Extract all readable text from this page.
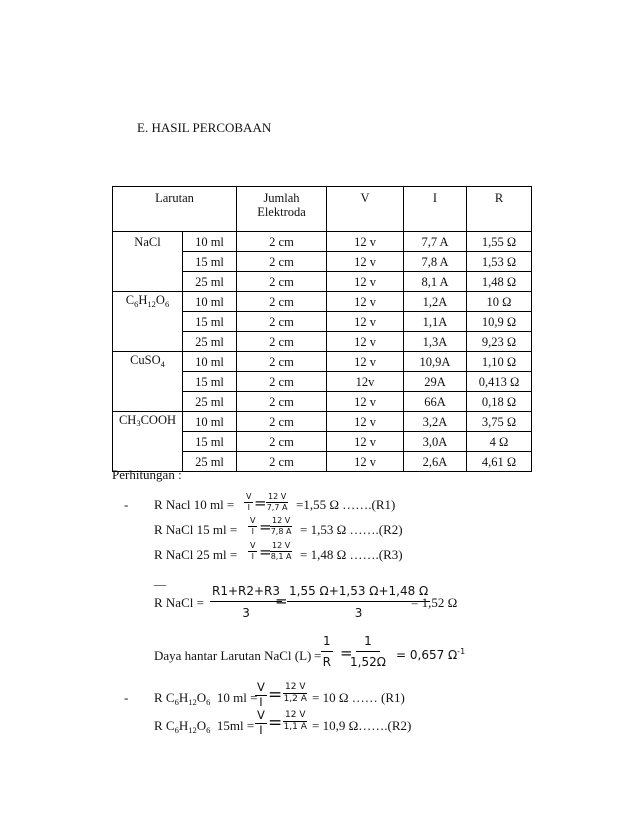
E. HASIL PERCOBAAN
Larutan		Jumlah
Elektroda	V	I	R
NaCl	10 ml	2 cm	12 v	7,7 A	1,55 Ω
	15 ml	2 cm	12 v	7,8 A	1,53 Ω
	25 ml	2 cm	12 v	8,1 A	1,48 Ω
$C_6H_{12}O_6$	10 ml	2 cm	12 v	1,2A	10 Ω
	15 ml	2 cm	12 v	1,1A	10,9 Ω
	25 ml	2 cm	12 v	1,3A	9,23 Ω
CuSO$_4$	10 ml	2 cm	12 v	10,9A	1,10 Ω
	15 ml	2 cm	12v	29A	0,413 Ω
	25 ml	2 cm	12 v	66A	0,18 Ω
$CH_3COOH$	10 ml	2 cm	12 v	3,2A	3,75 Ω
	15 ml	2 cm	12 v	3,0A	4 Ω
	25 ml	2 cm	12 v	2,6A	4,61 Ω
Perhitungan :
- R Nacl 10 ml = $\frac{V}{I} = \frac{12 V}{7,7 A} =1,55$ Ω …….(R1)
R NaCl 15 ml = $\frac{V}{I}$ =
$\frac{12 V}{7,8 A} = 1,53$ Ω …….(R2)
R NaCl 25 ml = $\frac{V}{I}$ =
$\frac{12 V}{8,1 A} = 1,48$ Ω …….(R3)
__
R NaCl = $\frac{R1+R2+R3}{3}$
= $\frac{1,55 \Omega+1,53 \Omega+1,48 \Omega}{3}$
= 1,52 Ω
Daya hantar Larutan NaCl $(L) = \frac{1}{R}$ =
$\frac{1}{1,52\Omega} = 0,657$ $\Omega^{-1}$
- R $C_6H_{12}O_6$  10 ml =
$\frac{V}{I} = \frac{12 V}{1,2 A} = 10$ Ω …… (R1)
R $C_6H_{12}O_6$  $15ml = \frac{V}{I} = \frac{12 V}{1,1 A} = 10,9$ Ω…….(R2)
